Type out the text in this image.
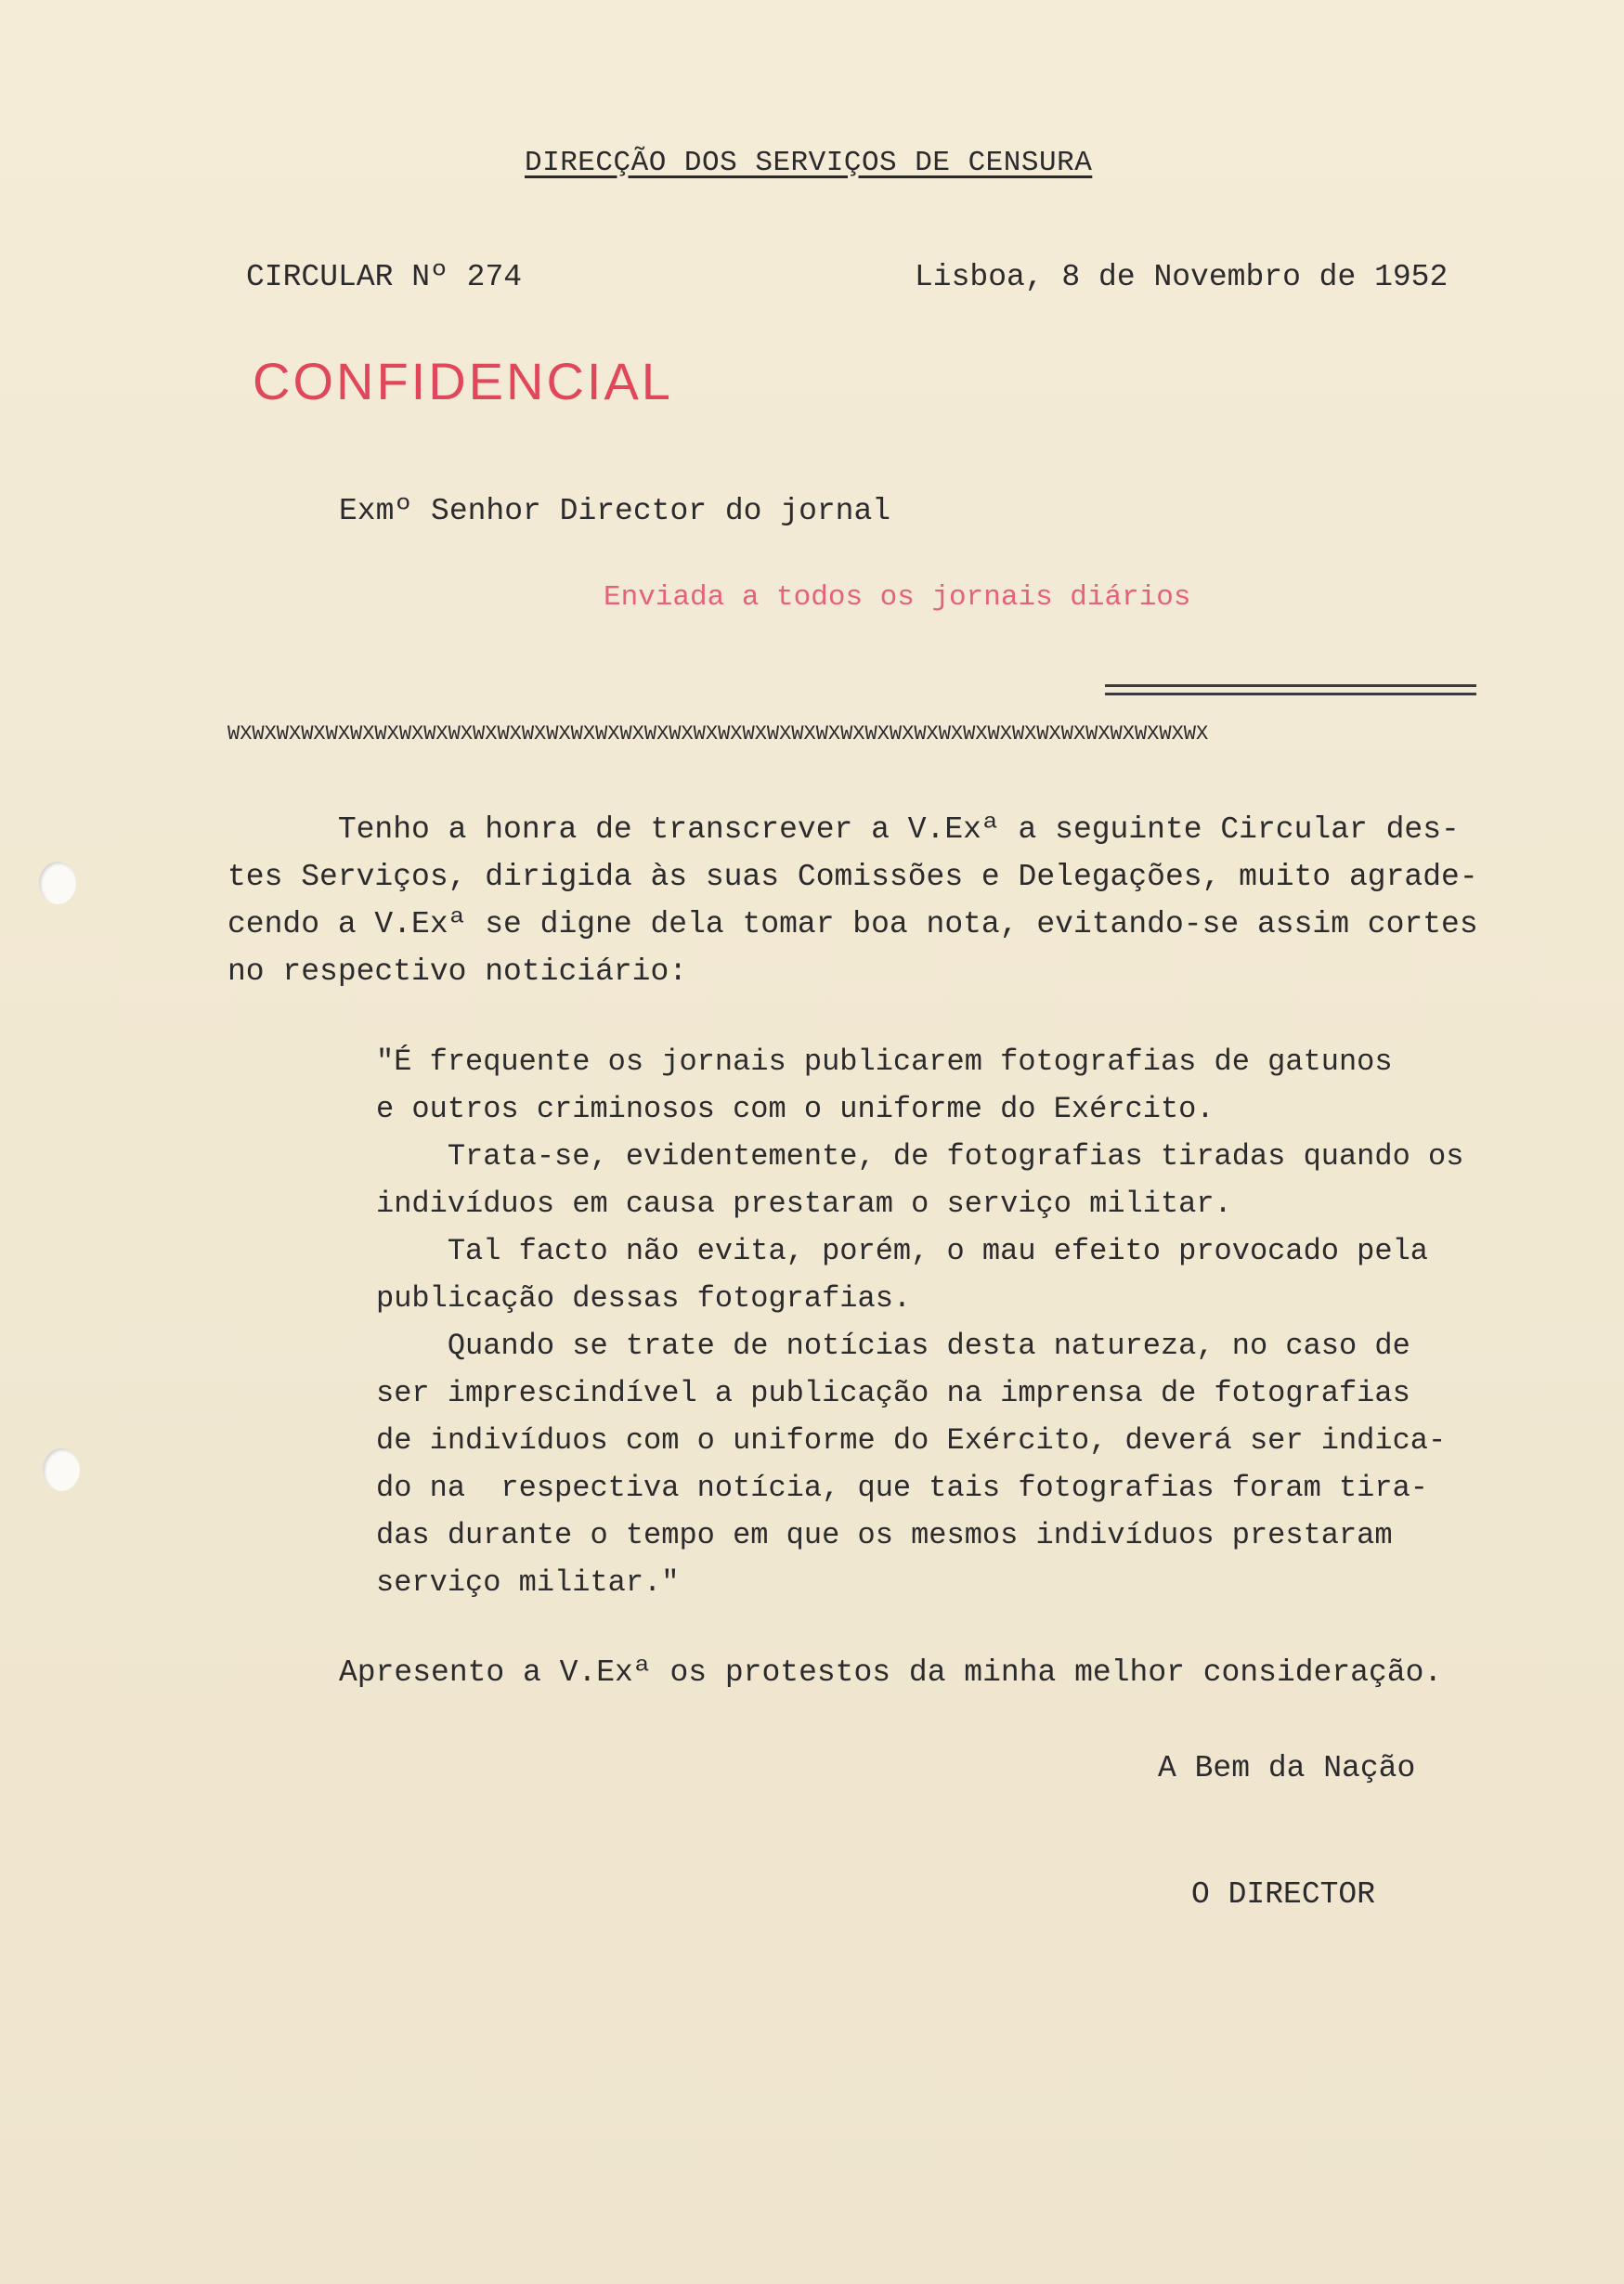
DIRECÇÃO DOS SERVIÇOS DE CENSURA
CIRCULAR Nº 274	Lisboa, 8 de Novembro de 1952
CONFIDENCIAL
Exmº Senhor Director do jornal
Enviada a todos os jornais diários
WXWXWXWXWXWXWXWXWXWXWXWXWXWXWXWXWXWXWXWXWXWXWXWXWXWXWXWXWXWXWXWXWXWXWXWXWXWXWXWX
Tenho a honra de transcrever a V.Exª a seguinte Circular des-
tes Serviços, dirigida às suas Comissões e Delegações, muito agrade-
cendo a V.Exª se digne dela tomar boa nota, evitando-se assim cortes
no respectivo noticiário:
"É frequente os jornais publicarem fotografias de gatunos
e outros criminosos com o uniforme do Exército.
Trata-se, evidentemente, de fotografias tiradas quando os
indivíduos em causa prestaram o serviço militar.
Tal facto não evita, porém, o mau efeito provocado pela
publicação dessas fotografias.
Quando se trate de notícias desta natureza, no caso de
ser imprescindível a publicação na imprensa de fotografias
de indivíduos com o uniforme do Exército, deverá ser indica-
do na  respectiva notícia, que tais fotografias foram tira-
das durante o tempo em que os mesmos indivíduos prestaram
serviço militar."
Apresento a V.Exª os protestos da minha melhor consideração.
A Bem da Nação
O DIRECTOR
